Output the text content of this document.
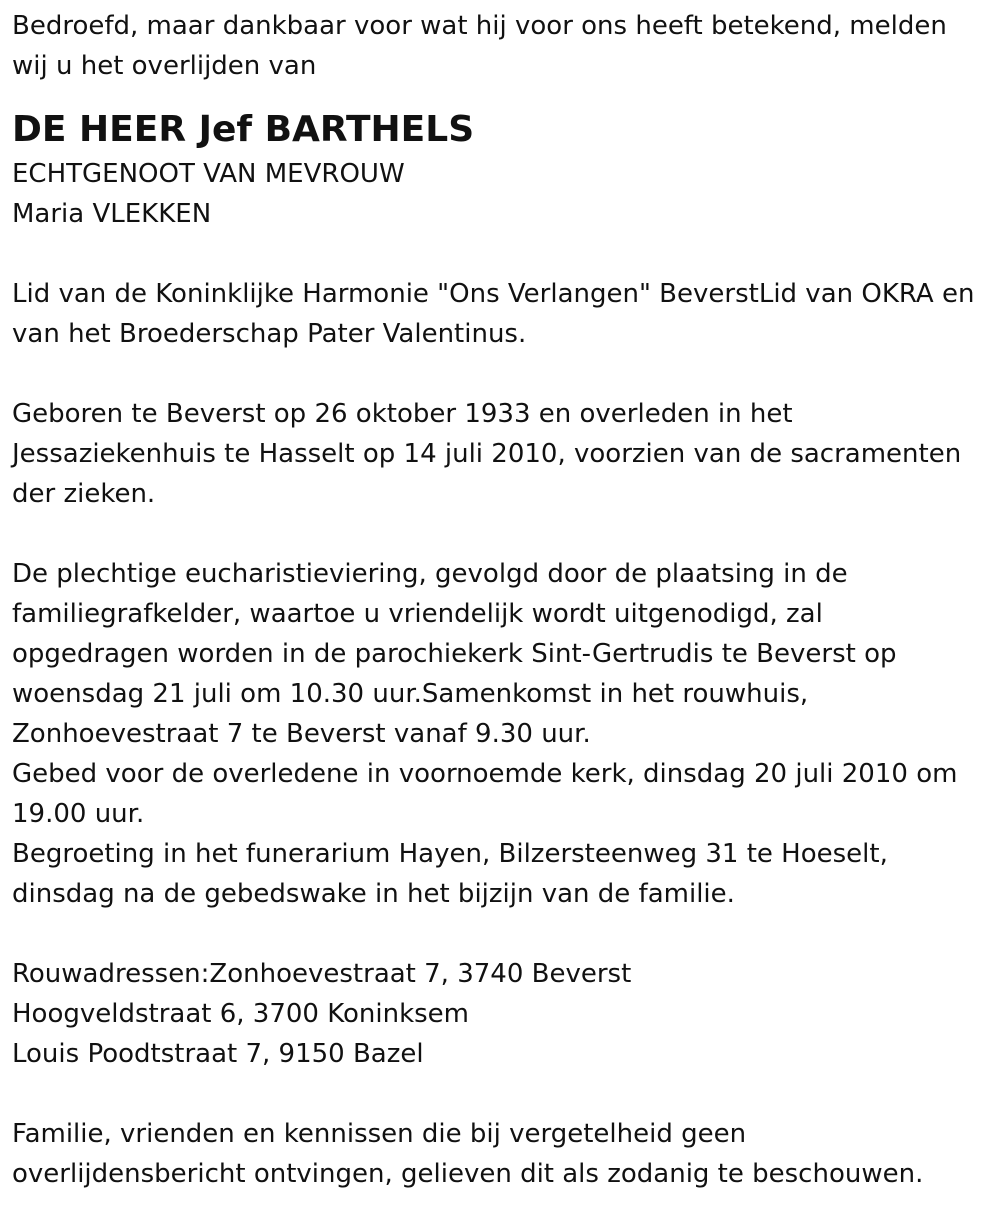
Bedroefd, maar dankbaar voor wat hij voor ons heeft betekend, melden
wij u het overlijden van
DE HEER Jef BARTHELS
ECHTGENOOT VAN MEVROUW
Maria VLEKKEN
Lid van de Koninklijke Harmonie "Ons Verlangen" BeverstLid van OKRA en
van het Broederschap Pater Valentinus.
Geboren te Beverst op 26 oktober 1933 en overleden in het
Jessaziekenhuis te Hasselt op 14 juli 2010, voorzien van de sacramenten
der zieken.
De plechtige eucharistieviering, gevolgd door de plaatsing in de
familiegrafkelder, waartoe u vriendelijk wordt uitgenodigd, zal
opgedragen worden in de parochiekerk Sint-Gertrudis te Beverst op
woensdag 21 juli om 10.30 uur.Samenkomst in het rouwhuis,
Zonhoevestraat 7 te Beverst vanaf 9.30 uur.
Gebed voor de overledene in voornoemde kerk, dinsdag 20 juli 2010 om
19.00 uur.
Begroeting in het funerarium Hayen, Bilzersteenweg 31 te Hoeselt,
dinsdag na de gebedswake in het bijzijn van de familie.
Rouwadressen:Zonhoevestraat 7, 3740 Beverst
Hoogveldstraat 6, 3700 Koninksem
Louis Poodtstraat 7, 9150 Bazel
Familie, vrienden en kennissen die bij vergetelheid geen
overlijdensbericht ontvingen, gelieven dit als zodanig te beschouwen.
